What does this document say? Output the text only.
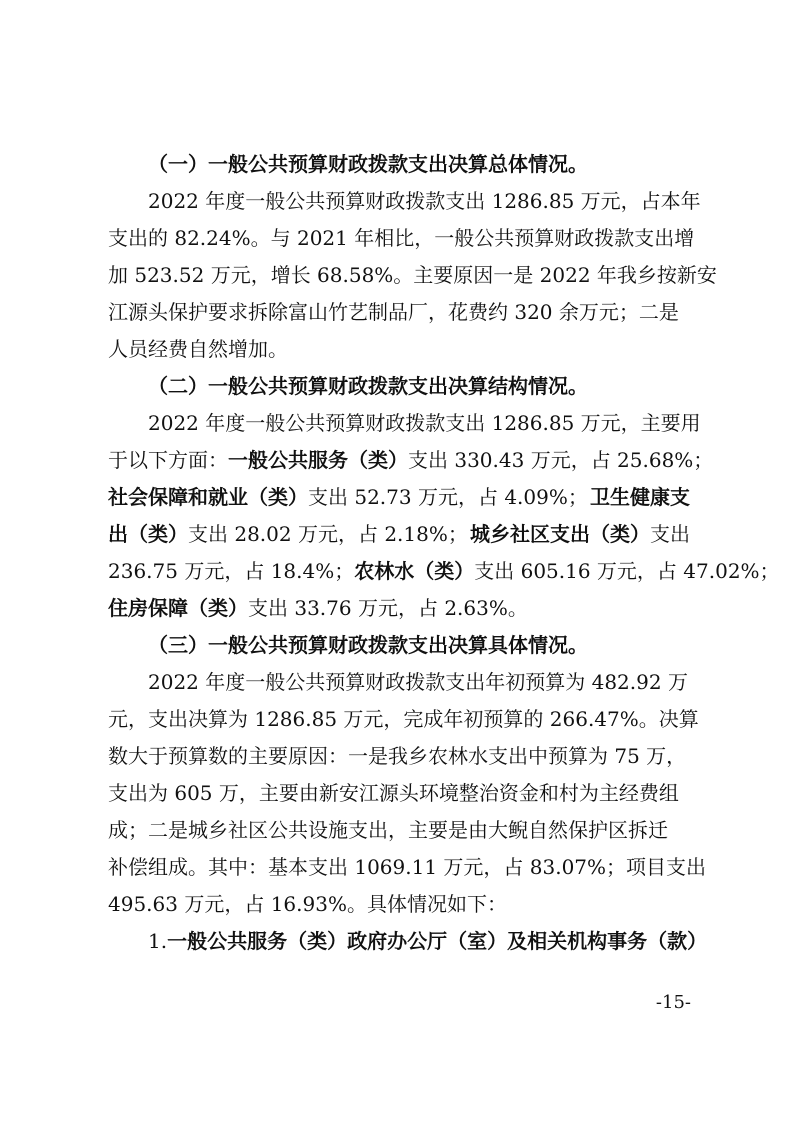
（一）一般公共预算财政拨款支出决算总体情况。
2022 年度一般公共预算财政拨款支出 1286.85 万元，占本年
支出的 82.24%。与 2021 年相比，一般公共预算财政拨款支出增
加 523.52 万元，增长 68.58%。主要原因一是 2022 年我乡按新安
江源头保护要求拆除富山竹艺制品厂，花费约 320 余万元；二是
人员经费自然增加。
（二）一般公共预算财政拨款支出决算结构情况。
2022 年度一般公共预算财政拨款支出 1286.85 万元，主要用
于以下方面：一般公共服务（类） 支出 330.43 万元，占 25.68%；
社会保障和就业（类）支出 52.73 万元，占 4.09%； 卫生健康支
出（类）支出 28.02 万元，占 2.18%； 城乡社区支出（类）支出
236.75 万元，占 18.4%； 农林水（类）支出 605.16 万元，占 47.02%；
住房保障（类） 支出 33.76 万元，占 2.63%。
（三）一般公共预算财政拨款支出决算具体情况。
2022 年度一般公共预算财政拨款支出年初预算为 482.92 万
元，支出决算为 1286.85 万元，完成年初预算的 266.47%。决算
数大于预算数的主要原因：一是我乡农林水支出中预算为 75 万，
支出为 605 万，主要由新安江源头环境整治资金和村为主经费组
成；二是城乡社区公共设施支出，主要是由大鲵自然保护区拆迁
补偿组成。其中：基本支出 1069.11 万元，占 83.07%；项目支出
495.63 万元，占 16.93%。具体情况如下：
1. 一般公共服务（类）政府办公厅（室）及相关机构事务（款）
-15-
